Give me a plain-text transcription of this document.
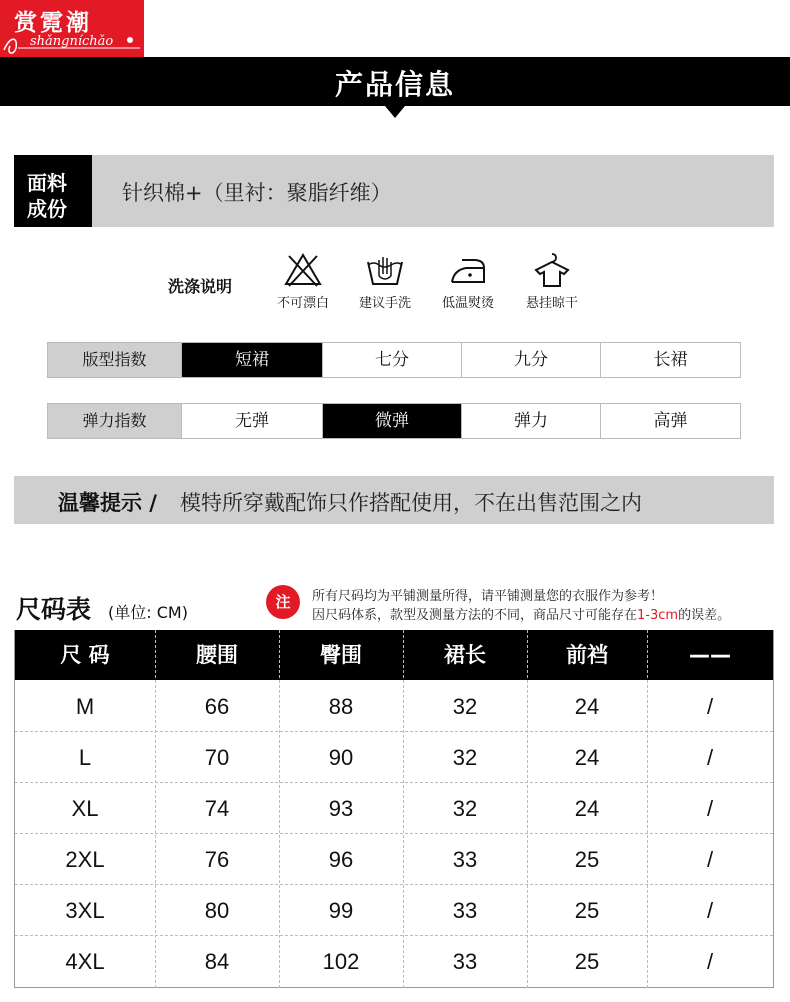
赏霓潮
shǎngníchǎo
产品信息
面料
成份
针织棉+（里衬：聚脂纤维）
洗涤说明
不可漂白	建议手洗	低温熨烫	悬挂晾干
版型指数	短裙	七分	九分	长裙
弹力指数	无弹	微弹	弹力	高弹
温馨提示 / 模特所穿戴配饰只作搭配使用，不在出售范围之内
尺码表 (单位: CM)
注	所有尺码均为平铺测量所得，请平铺测量您的衣服作为参考！
因尺码体系，款型及测量方法的不同，商品尺寸可能存在1-3cm的误差。
尺 码	腰围	臀围	裙长	前裆	——
M	66	88	32	24	/
L	70	90	32	24	/
XL	74	93	32	24	/
2XL	76	96	33	25	/
3XL	80	99	33	25	/
4XL	84	102	33	25	/
